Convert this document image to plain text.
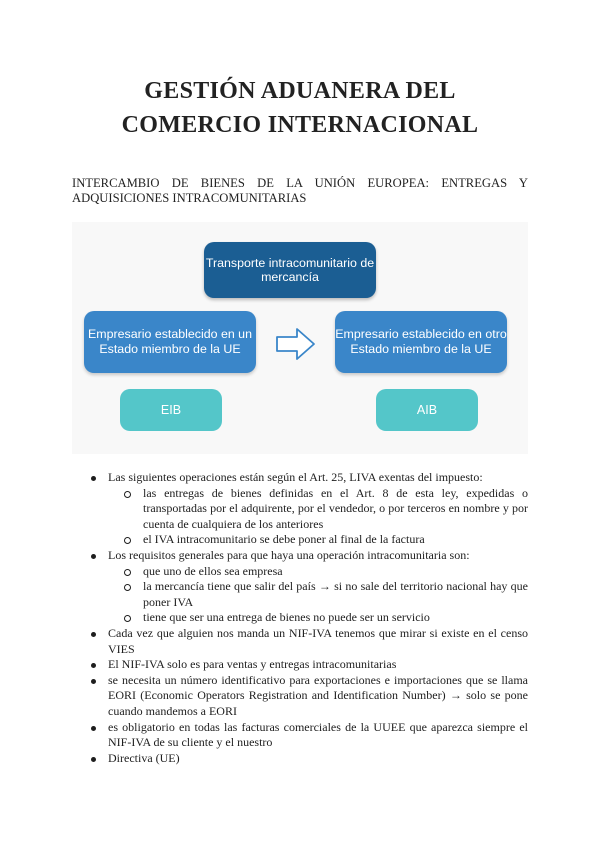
GESTIÓN ADUANERA DEL
COMERCIO INTERNACIONAL
INTERCAMBIO DE BIENES DE LA UNIÓN EUROPEA: ENTREGAS Y
ADQUISICIONES INTRACOMUNITARIAS
Transporte intracomunitario de mercancía
Empresario establecido en un Estado miembro de la UE
Empresario establecido en otro Estado miembro de la UE
EIB	AIB
Las siguientes operaciones están según el Art. 25, LIVA exentas del impuesto:
las entregas de bienes definidas en el Art. 8 de esta ley, expedidas o transportadas por el adquirente, por el vendedor, o por terceros en nombre y por cuenta de cualquiera de los anteriores
el IVA intracomunitario se debe poner al final de la factura
Los requisitos generales para que haya una operación intracomunitaria son:
que uno de ellos sea empresa
la mercancía tiene que salir del país → si no sale del territorio nacional hay que poner IVA
tiene que ser una entrega de bienes no puede ser un servicio
Cada vez que alguien nos manda un NIF-IVA tenemos que mirar si existe en el censo VIES
El NIF-IVA solo es para ventas y entregas intracomunitarias
se necesita un número identificativo para exportaciones e importaciones que se llama EORI (Economic Operators Registration and Identification Number) → solo se pone cuando mandemos a EORI
es obligatorio en todas las facturas comerciales de la UUEE que aparezca siempre el NIF-IVA de su cliente y el nuestro
Directiva (UE)
